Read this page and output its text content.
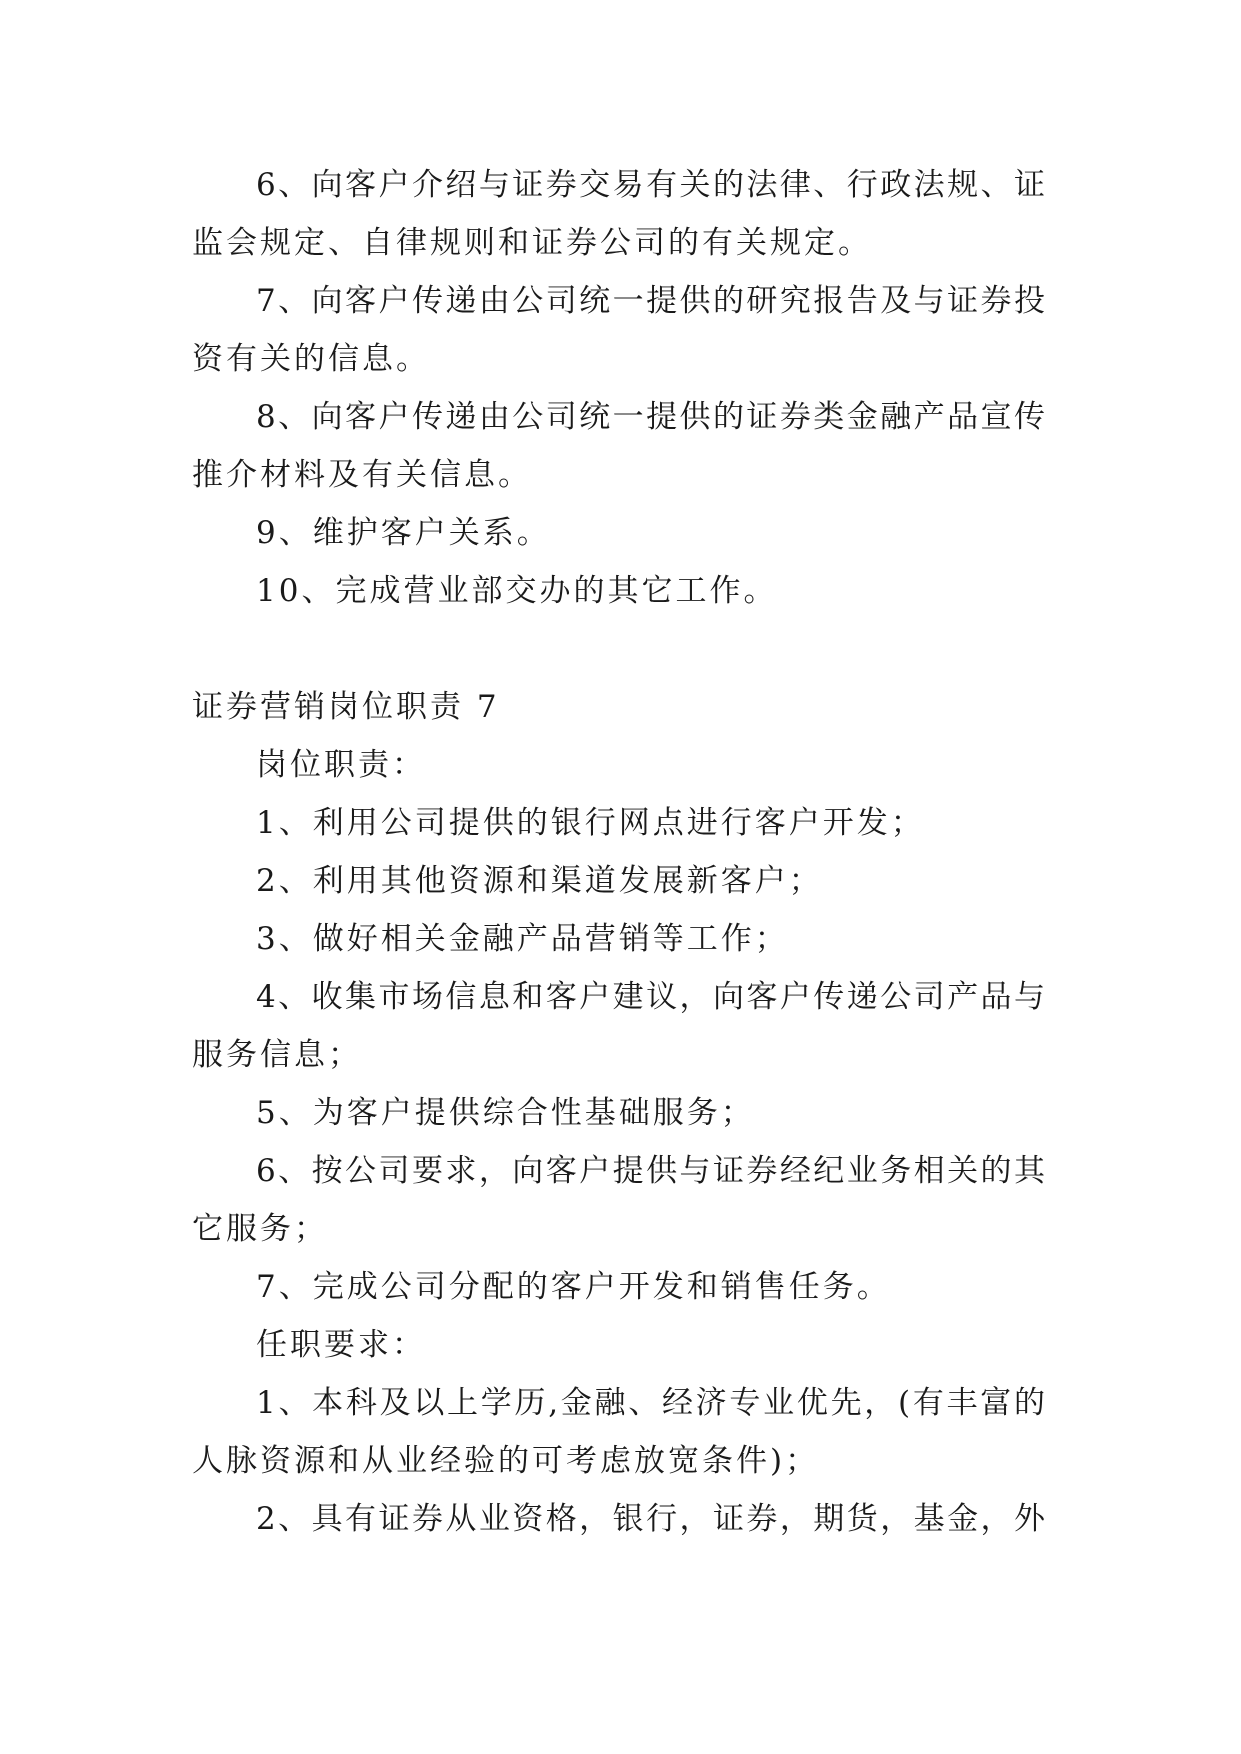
6、向客户介绍与证券交易有关的法律、行政法规、证
监会规定、自律规则和证券公司的有关规定。
7、向客户传递由公司统一提供的研究报告及与证券投
资有关的信息。
8、向客户传递由公司统一提供的证券类金融产品宣传
推介材料及有关信息。
9、维护客户关系。
10、完成营业部交办的其它工作。
证券营销岗位职责 7
岗位职责：
1、利用公司提供的银行网点进行客户开发；
2、利用其他资源和渠道发展新客户；
3、做好相关金融产品营销等工作；
4、收集市场信息和客户建议，向客户传递公司产品与
服务信息；
5、为客户提供综合性基础服务；
6、按公司要求，向客户提供与证券经纪业务相关的其
它服务；
7、完成公司分配的客户开发和销售任务。
任职要求：
1、本科及以上学历,金融、经济专业优先，(有丰富的
人脉资源和从业经验的可考虑放宽条件)；
2、具有证券从业资格，银行，证券，期货，基金，外
